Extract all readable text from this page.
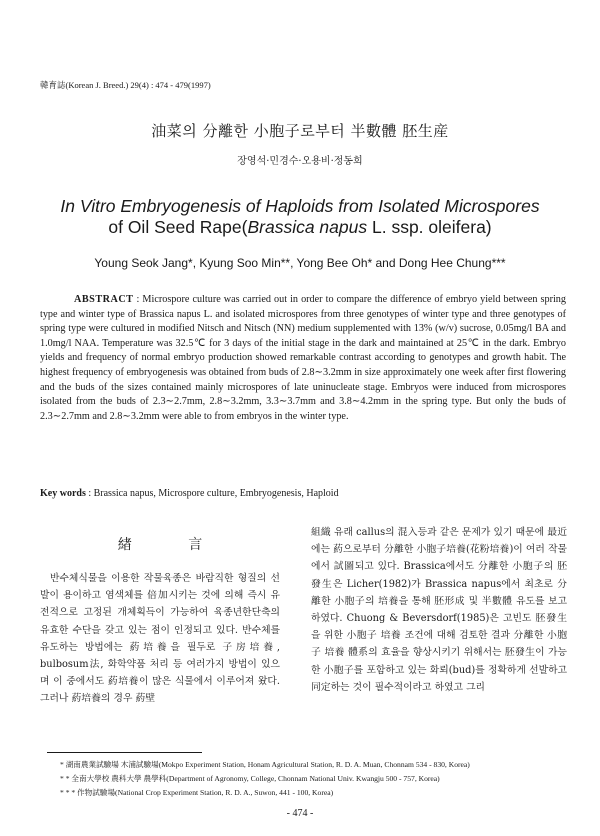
韓育誌(Korean J. Breed.) 29(4) : 474 - 479(1997)
油菜의 分離한 小胞子로부터 半數體 胚生産
장영석·민경수·오용비·정동희
In Vitro Embryogenesis of Haploids from Isolated Microspores
of Oil Seed Rape(Brassica napus L. ssp. oleifera)
Young Seok Jang*, Kyung Soo Min**, Yong Bee Oh* and Dong Hee Chung***
ABSTRACT : Microspore culture was carried out in order to compare the difference of embryo yield between spring type and winter type of Brassica napus L. and isolated microspores from three genotypes of winter type and three genotypes of spring type were cultured in modified Nitsch and Nitsch (NN) medium supplemented with 13% (w/v) sucrose, 0.05mg/l BA and 1.0mg/l NAA. Temperature was 32.5℃ for 3 days of the initial stage in the dark and maintained at 25℃ in the dark. Embryo yields and frequency of normal embryo production showed remarkable contrast according to genotypes and growth habit. The highest frequency of embryogenesis was obtained from buds of 2.8∼3.2mm in size approximately one week after first flowering and the buds of the sizes contained mainly microspores of late uninucleate stage. Embryos were induced from microspores isolated from the buds of 2.3∼2.7mm, 2.8∼3.2mm, 3.3∼3.7mm and 3.8∼4.2mm in the spring type. But only the buds of 2.3∼2.7mm and 2.8∼3.2mm were able to from embryos in the winter type.
Key words : Brassica napus, Microspore culture, Embryogenesis, Haploid
緖 言

반수체식물을 이용한 작물육종은 바람직한 형질의 선발이 용이하고 염색체를 倍加시키는 것에 의해 즉시 유전적으로 고정된 개체획득이 가능하여 육종년한단축의 유효한 수단을 갖고 있는 점이 인정되고 있다. 반수체를 유도하는 방법에는 葯培養을 필두로 子房培養, bulbosum法, 화학약품 처리 등 여러가지 방법이 있으며 이 중에서도 葯培養이 많은 식물에서 이루어져 왔다. 그러나 葯培養의 경우 葯壁

組織 유래 callus의 混入등과 같은 문제가 있기 때문에 最近에는 葯으로부터 分離한 小胞子培養(花粉培養)이 여러 작물에서 試圖되고 있다. Brassica에서도 分離한 小胞子의 胚發生은 Licher(1982)가 Brassica napus에서 최초로 分離한 小胞子의 培養을 통해 胚形成 및 半數體 유도를 보고하였다. Chuong & Beversdorf(1985)은 고빈도 胚發生을 위한 小胞子 培養 조건에 대해 검토한 결과 分離한 小胞子 培養 體系의 효율을 향상시키기 위해서는 胚發生이 가능한 小胞子를 포함하고 있는 화뢰(bud)를 정확하게 선발하고 同定하는 것이 필수적이라고 하였고 그리

* 湖南農業試驗場 木浦試驗場(Mokpo Experiment Station, Honam Agricultural Station, R. D. A. Muan, Chonnam 534 - 830, Korea)
* * 全南大學校 農科大學 農學科(Department of Agronomy, College, Chonnam National Univ. Kwangju 500 - 757, Korea)
* * * 作物試驗場(National Crop Experiment Station, R. D. A., Suwon, 441 - 100, Korea)
- 474 -
